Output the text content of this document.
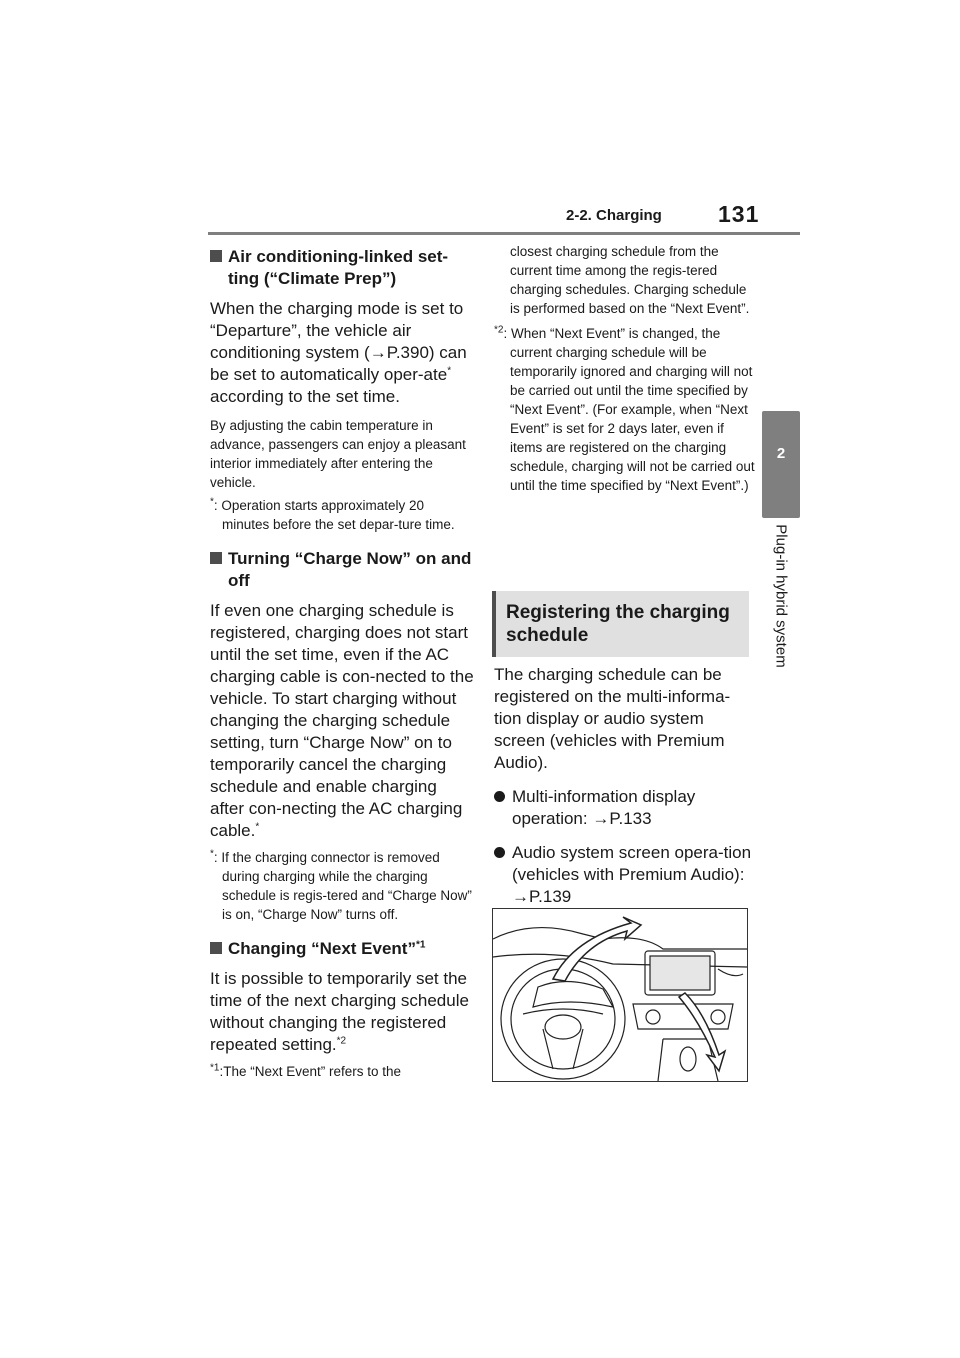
2-2. Charging 131
2
Plug-in hybrid system
Air conditioning-linked set-ting (“Climate Prep”)
When the charging mode is set to “Departure”, the vehicle air conditioning system (→P.390) can be set to automatically oper-ate* according to the set time.
By adjusting the cabin temperature in advance, passengers can enjoy a pleasant interior immediately after entering the vehicle.
*: Operation starts approximately 20 minutes before the set depar-ture time.
Turning “Charge Now” on and off
If even one charging schedule is registered, charging does not start until the set time, even if the AC charging cable is con-nected to the vehicle. To start charging without changing the charging schedule setting, turn “Charge Now” on to temporarily cancel the charging schedule and enable charging after con-necting the AC charging cable.*
*: If the charging connector is removed during charging while the charging schedule is regis-tered and “Charge Now” is on, “Charge Now” turns off.
Changing “Next Event”$^{*1}$
It is possible to temporarily set the time of the next charging schedule without changing the registered repeated setting.$^{*2}$
$^{*1}$:The “Next Event” refers to the
closest charging schedule from the current time among the regis-tered charging schedules. Charging schedule is performed based on the “Next Event”.
$^{*2}$: When “Next Event” is changed, the current charging schedule will be temporarily ignored and charging will not be carried out until the time specified by “Next Event”. (For example, when “Next Event” is set for 2 days later, even if items are registered on the charging schedule, charging will not be carried out until the time specified by “Next Event”.)
Registering the charging schedule
The charging schedule can be registered on the multi-informa-tion display or audio system screen (vehicles with Premium Audio).
Multi-information display operation: →P.133
Audio system screen opera-tion (vehicles with Premium Audio): →P.139
